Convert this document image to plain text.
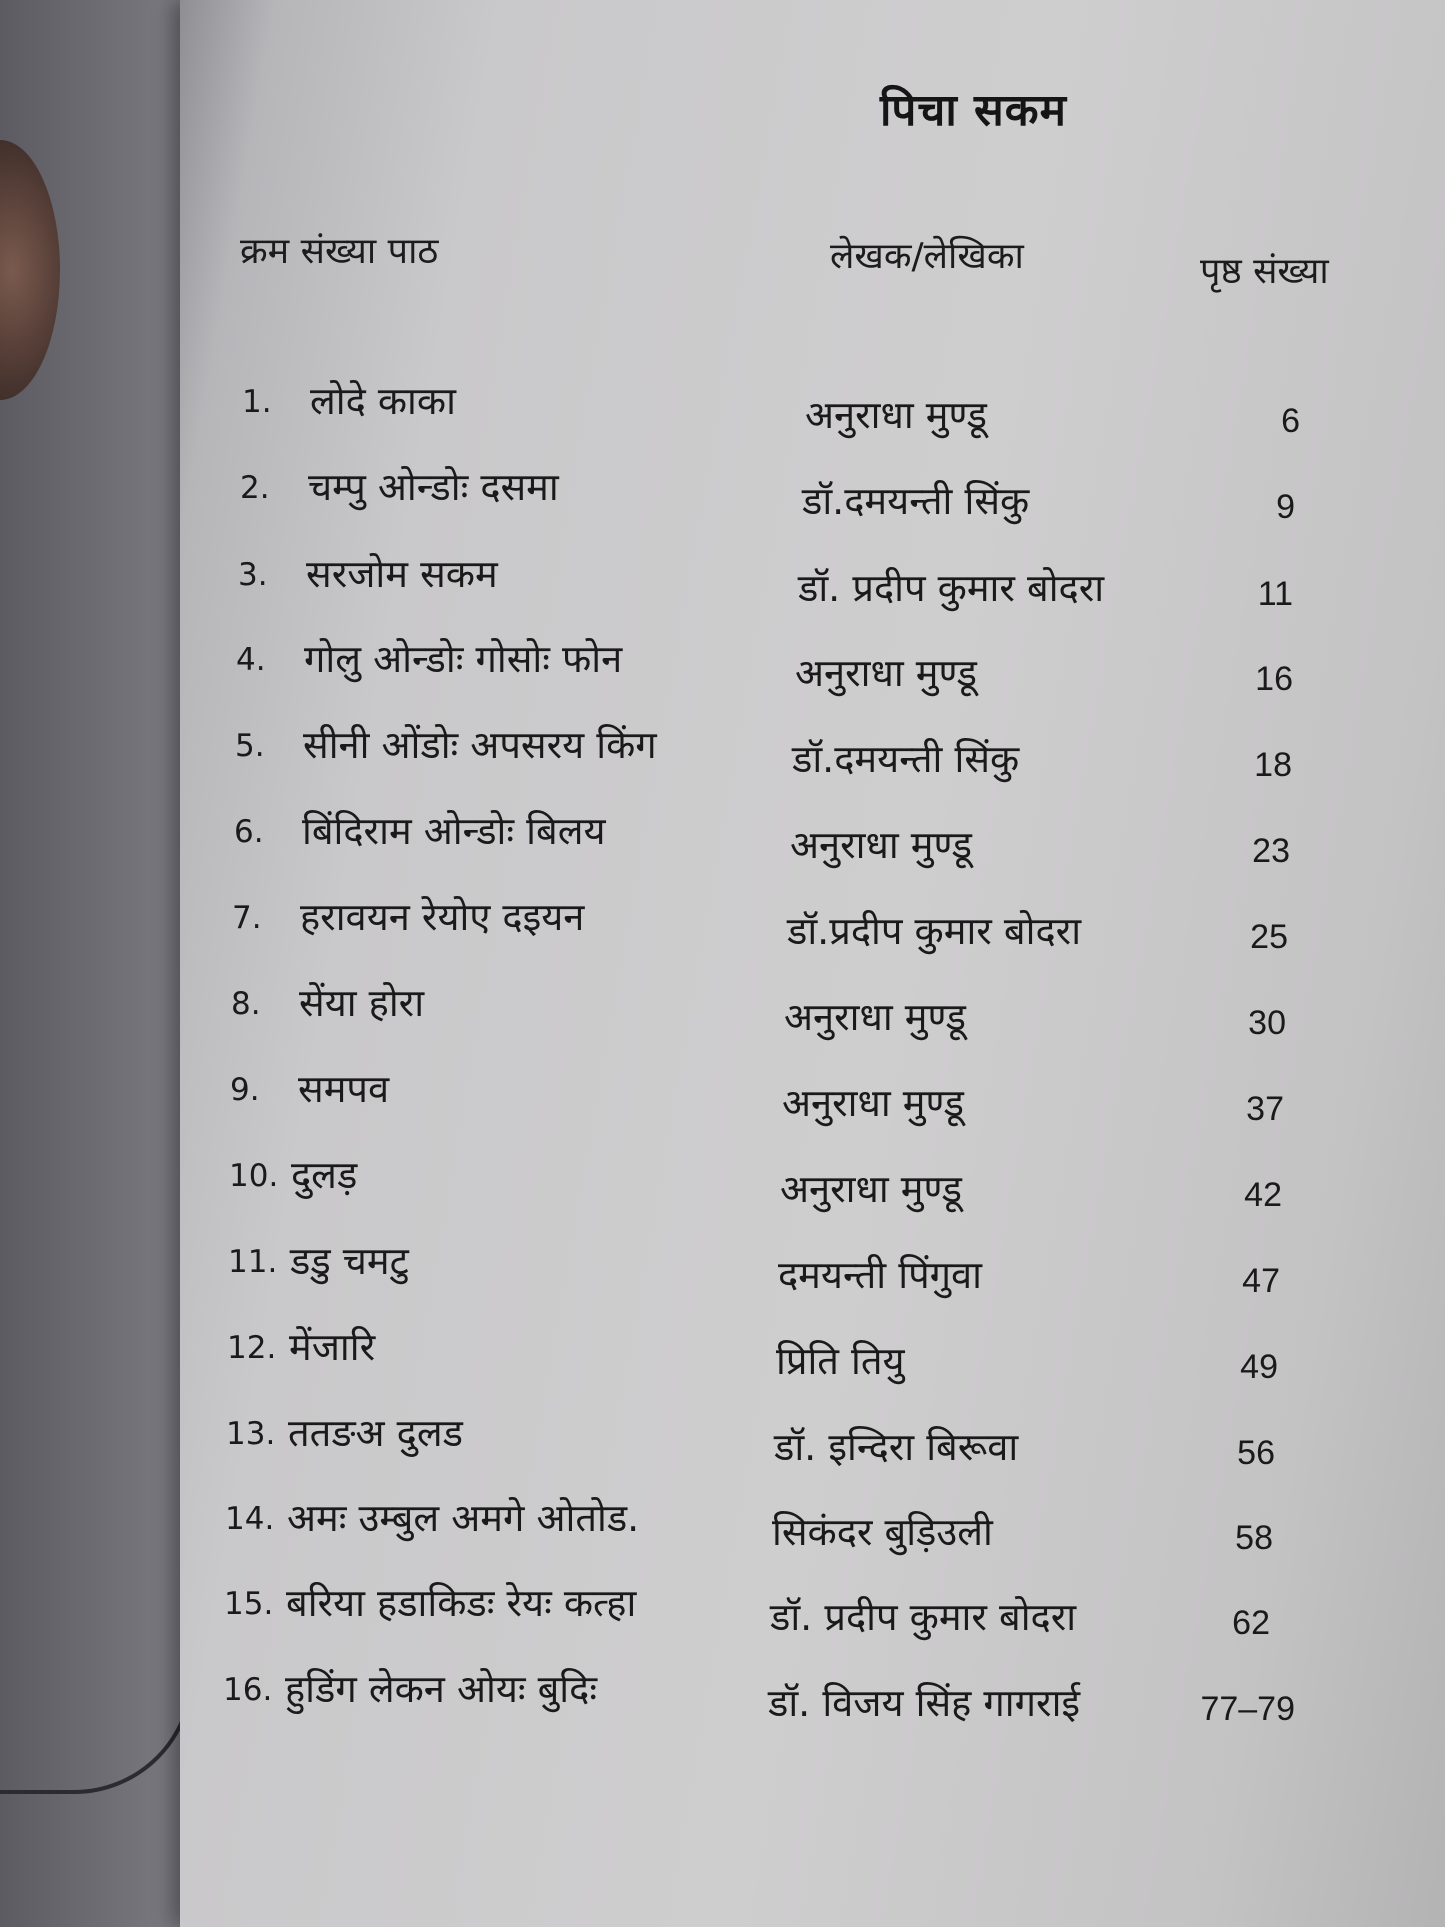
पिचा सकम
क्रम संख्या पाठ	लेखक/लेखिका	पृष्ठ संख्या
1. लोदे काका	अनुराधा मुण्डू	6
2. चम्पु ओन्डोः दसमा	डॉ.दमयन्ती सिंकु	9
3. सरजोम सकम	डॉ. प्रदीप कुमार बोदरा	11
4. गोलु ओन्डोः गोसोः फोन	अनुराधा मुण्डू	16
5. सीनी ओंडोः अपसरय किंग	डॉ.दमयन्ती सिंकु	18
6. बिंदिराम ओन्डोः बिलय	अनुराधा मुण्डू	23
7. हरावयन रेयोए दइयन	डॉ.प्रदीप कुमार बोदरा	25
8. सेंया होरा	अनुराधा मुण्डू	30
9. समपव	अनुराधा मुण्डू	37
10. दुलड़	अनुराधा मुण्डू	42
11. डडु चमटु	दमयन्ती पिंगुवा	47
12. मेंजारि	प्रिति तियु	49
13. ततङअ दुलड	डॉ. इन्दिरा बिरूवा	56
14. अमः उम्बुल अमगे ओतोड.	सिकंदर बुड़िउली	58
15. बरिया हडाकिडः रेयः कत्हा	डॉ. प्रदीप कुमार बोदरा	62
16. हुडिंग लेकन ओयः बुदिः	डॉ. विजय सिंह गागराई	77–79
